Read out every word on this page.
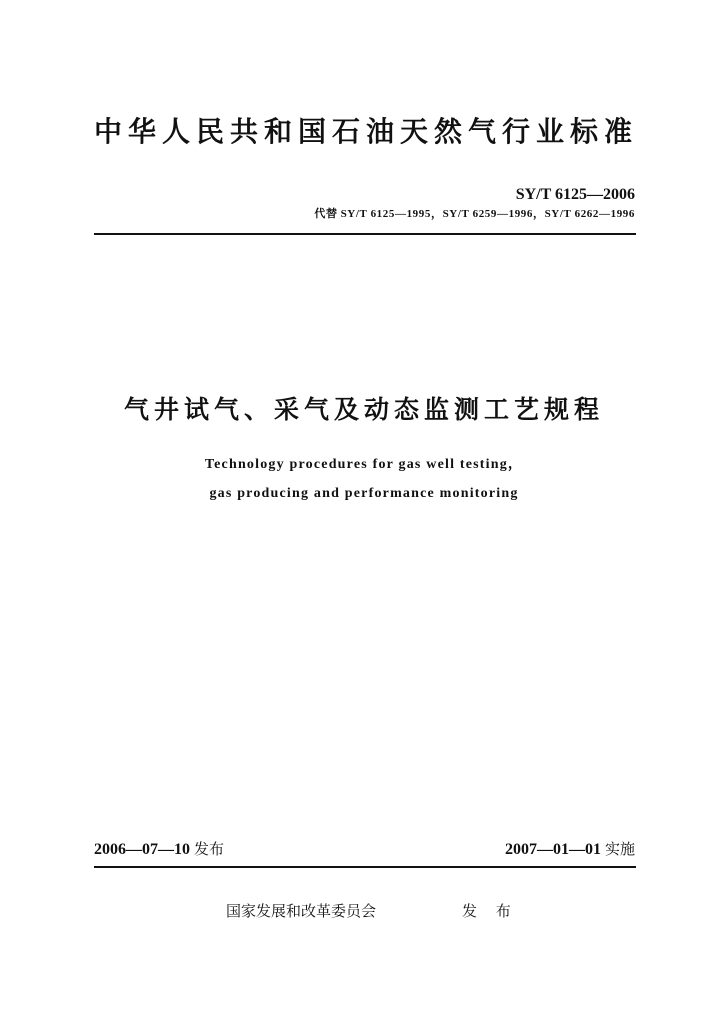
中华人民共和国石油天然气行业标准
SY/T 6125—2006
代替 SY/T 6125—1995，SY/T 6259—1996，SY/T 6262—1996
气井试气、采气及动态监测工艺规程
Technology procedures for gas well testing，
gas producing and performance monitoring
2006—07—10 发布	2007—01—01 实施
国家发展和改革委员会	发 布
